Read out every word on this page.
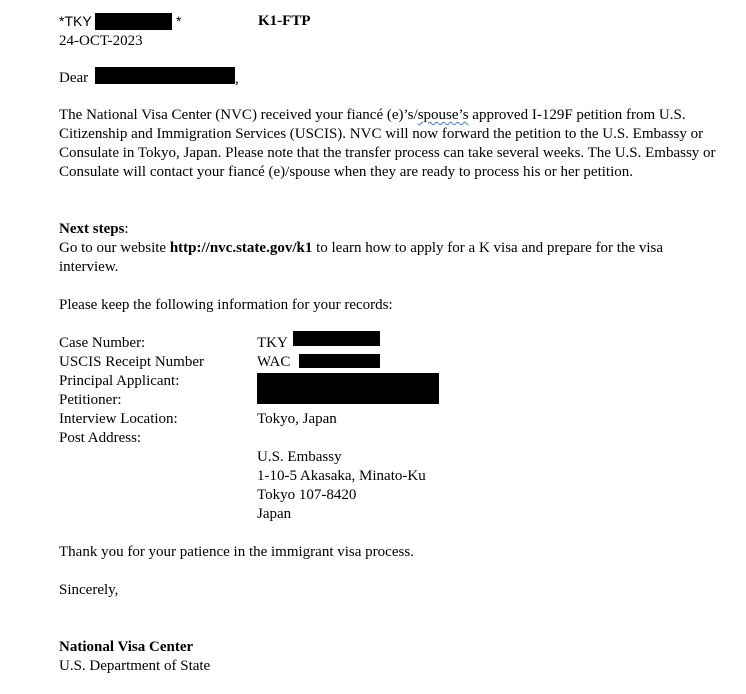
*TKY	*	K1-FTP
24-OCT-2023
Dear	,
The National Visa Center (NVC) received your fiancé (e)’s/spouse’s approved I-129F petition from U.S. Citizenship and Immigration Services (USCIS). NVC will now forward the petition to the U.S. Embassy or Consulate in Tokyo, Japan. Please note that the transfer process can take several weeks. The U.S. Embassy or Consulate will contact your fiancé (e)/spouse when they are ready to process his or her petition.
Next steps:
Go to our website http://nvc.state.gov/k1 to learn how to apply for a K visa and prepare for the visa interview.
Please keep the following information for your records:
Case Number:	TKY
USCIS Receipt Number	WAC
Principal Applicant:
Petitioner:
Interview Location:	Tokyo, Japan
Post Address:
U.S. Embassy
1-10-5 Akasaka, Minato-Ku
Tokyo 107-8420
Japan
Thank you for your patience in the immigrant visa process.
Sincerely,
National Visa Center
U.S. Department of State
